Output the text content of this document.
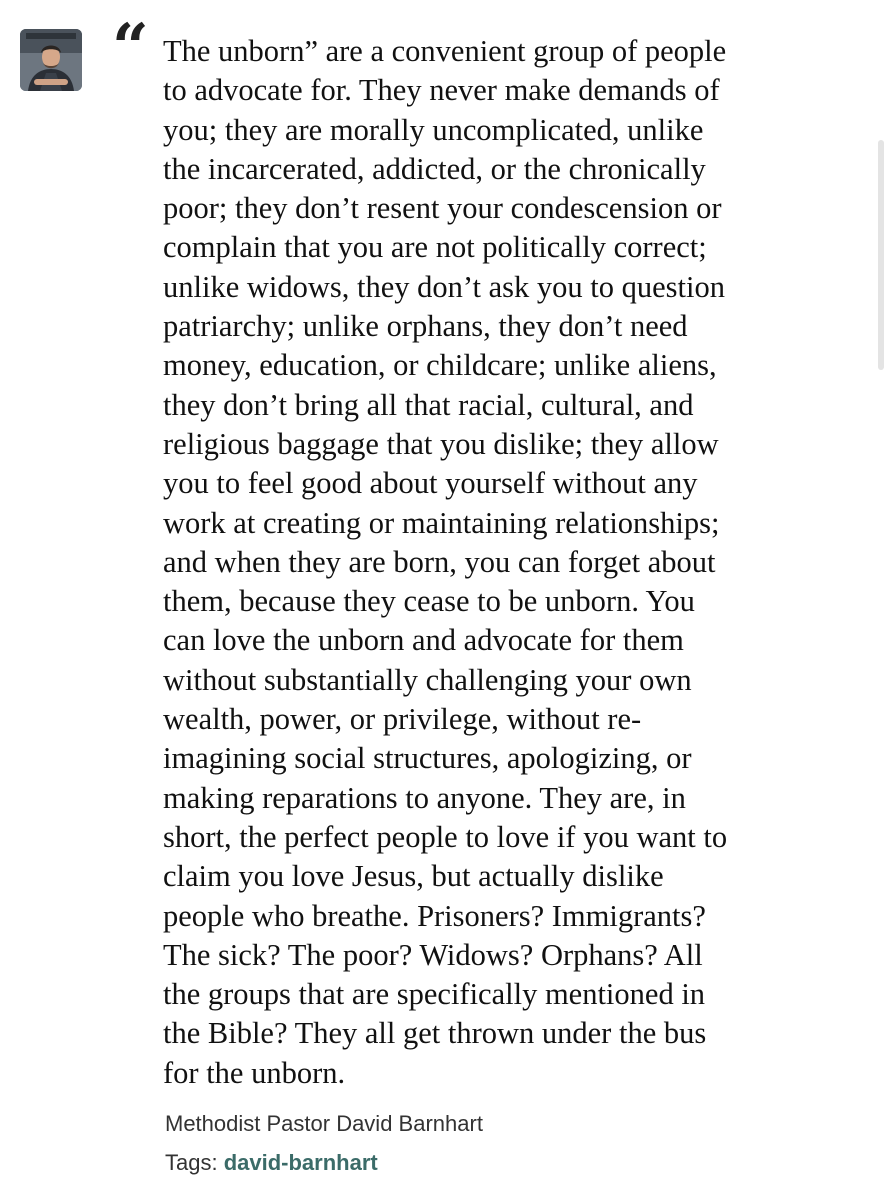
“ The unborn” are a convenient group of people
to advocate for. They never make demands of
you; they are morally uncomplicated, unlike
the incarcerated, addicted, or the chronically
poor; they don’t resent your condescension or
complain that you are not politically correct;
unlike widows, they don’t ask you to question
patriarchy; unlike orphans, they don’t need
money, education, or childcare; unlike aliens,
they don’t bring all that racial, cultural, and
religious baggage that you dislike; they allow
you to feel good about yourself without any
work at creating or maintaining relationships;
and when they are born, you can forget about
them, because they cease to be unborn. You
can love the unborn and advocate for them
without substantially challenging your own
wealth, power, or privilege, without re-
imagining social structures, apologizing, or
making reparations to anyone. They are, in
short, the perfect people to love if you want to
claim you love Jesus, but actually dislike
people who breathe. Prisoners? Immigrants?
The sick? The poor? Widows? Orphans? All
the groups that are specifically mentioned in
the Bible? They all get thrown under the bus
for the unborn.

Methodist Pastor David Barnhart
Tags: david-barnhart
